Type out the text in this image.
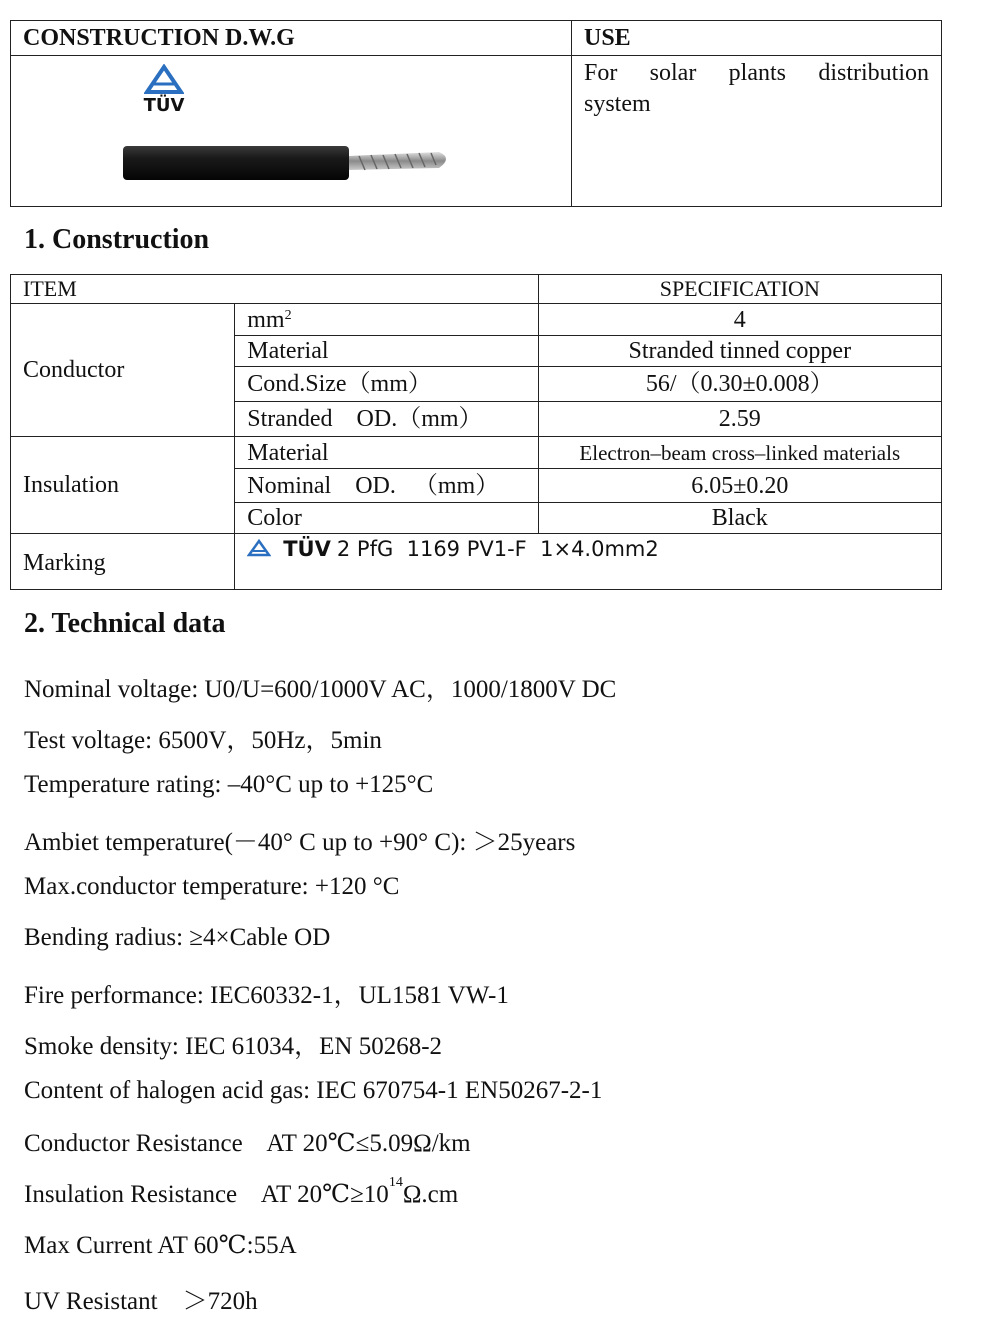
CONSTRUCTION D.W.G	USE

TÜV	For solar plants distribution
system
1. Construction
ITEM		SPECIFICATION
Conductor	$mm^2$	4
	Material	Stranded tinned copper
	Cond.Size（mm）	56/（0.30±0.008）
	Stranded    OD.（mm）	2.59
Insulation	Material	Electron–beam cross–linked materials
	Nominal    OD.   （mm）	6.05±0.20
	Color	Black
Marking	TÜV 2 PfG  1169 PV1-F  1×4.0mm2	
2. Technical data

Nominal voltage: U0/U=600/1000V AC，1000/1800V DC

Test voltage: 6500V，50Hz，5min

Temperature rating: –40°C up to +125°C

Ambiet temperature(－40° C up to +90° C): ＞25years

Max.conductor temperature: +120 °C

Bending radius: ≥4×Cable OD

Fire performance: IEC60332-1，UL1581 VW-1

Smoke density: IEC 61034，EN 50268-2

Content of halogen acid gas: IEC 670754-1 EN50267-2-1

Conductor Resistance    AT 20℃≤5.09Ω/km

Insulation Resistance    AT $20℃\ge 10^{14}\Omega.cm$

Max Current AT 60℃:55A

UV Resistant    ＞720h
